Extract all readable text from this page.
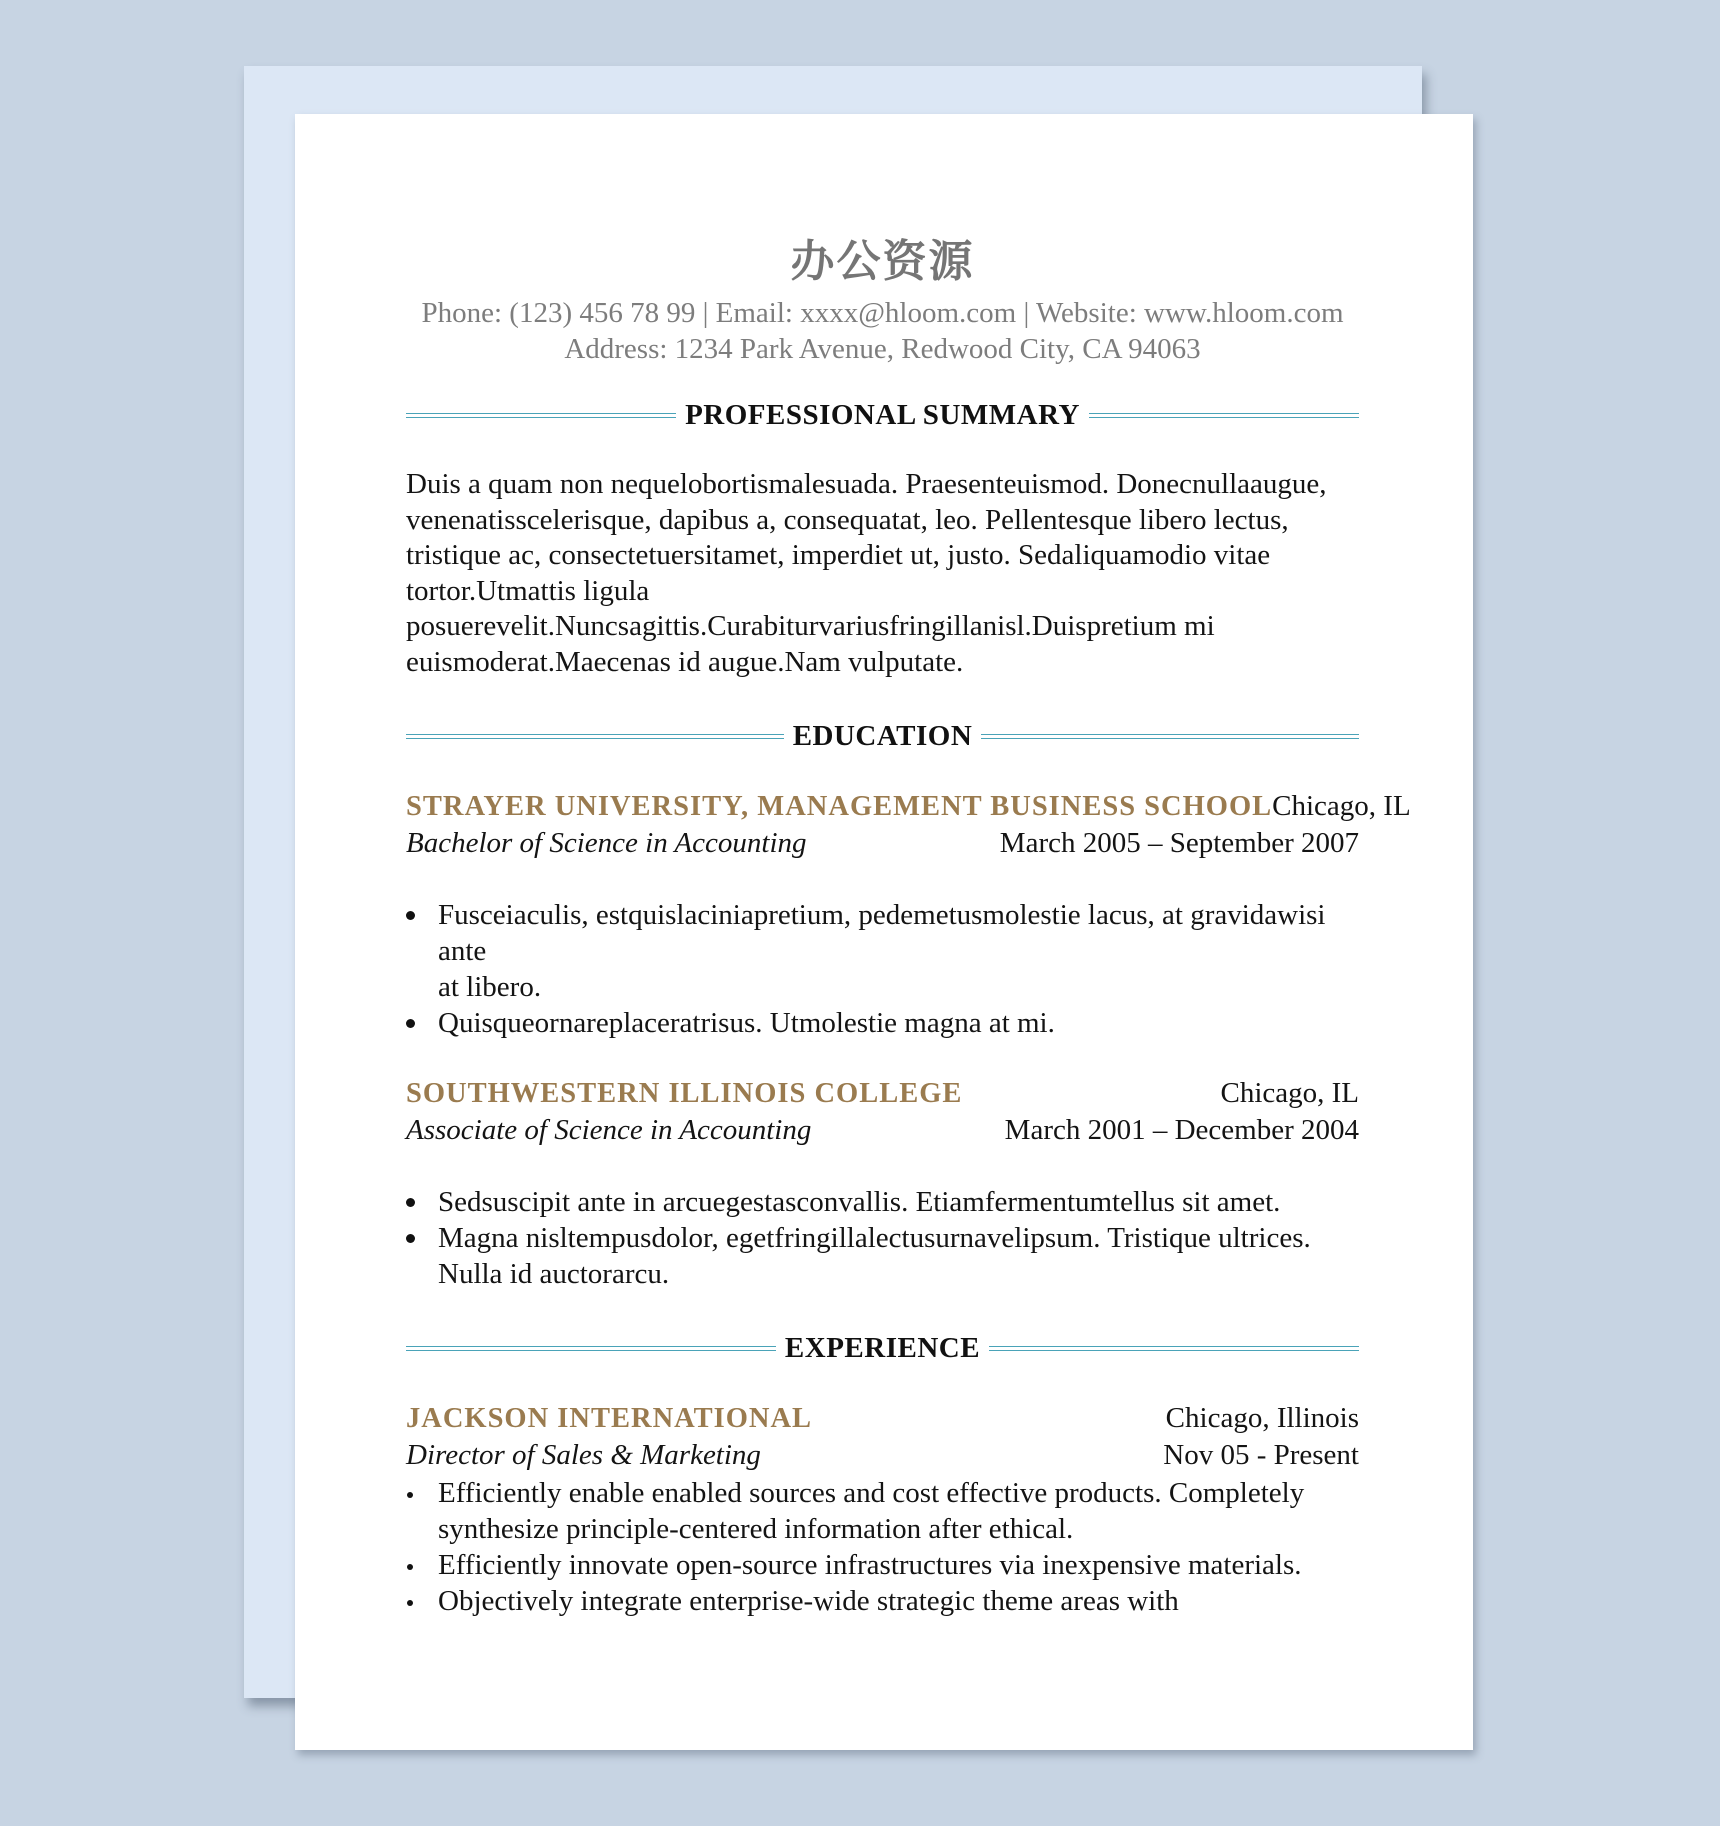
办公资源
Phone: (123) 456 78 99 | Email: xxxx@hloom.com | Website: www.hloom.com
Address: 1234 Park Avenue, Redwood City, CA 94063
PROFESSIONAL SUMMARY
Duis a quam non nequelobortismalesuada. Praesenteuismod. Donecnullaaugue,
venenatisscelerisque, dapibus a, consequatat, leo. Pellentesque libero lectus,
tristique ac, consectetuersitamet, imperdiet ut, justo. Sedaliquamodio vitae
tortor.Utmattis ligula
posuerevelit.Nuncsagittis.Curabiturvariusfringillanisl.Duispretium mi
euismoderat.Maecenas id augue.Nam vulputate.
EDUCATION
STRAYER UNIVERSITY, MANAGEMENT BUSINESS SCHOOL Chicago, IL
Bachelor of Science in Accounting	March 2005 – September 2007
Fusceiaculis, estquislaciniapretium, pedemetusmolestie lacus, at gravidawisi ante
at libero.
Quisqueornareplaceratrisus. Utmolestie magna at mi.
SOUTHWESTERN ILLINOIS COLLEGE	Chicago, IL
Associate of Science in Accounting	March 2001 – December 2004
Sedsuscipit ante in arcuegestasconvallis. Etiamfermentumtellus sit amet.
Magna nisltempusdolor, egetfringillalectusurnavelipsum. Tristique ultrices.
Nulla id auctorarcu.
EXPERIENCE
JACKSON INTERNATIONAL	Chicago, Illinois
Director of Sales & Marketing	Nov 05 - Present
Efficiently enable enabled sources and cost effective products. Completely
synthesize principle-centered information after ethical.
Efficiently innovate open-source infrastructures via inexpensive materials.
Objectively integrate enterprise-wide strategic theme areas with
